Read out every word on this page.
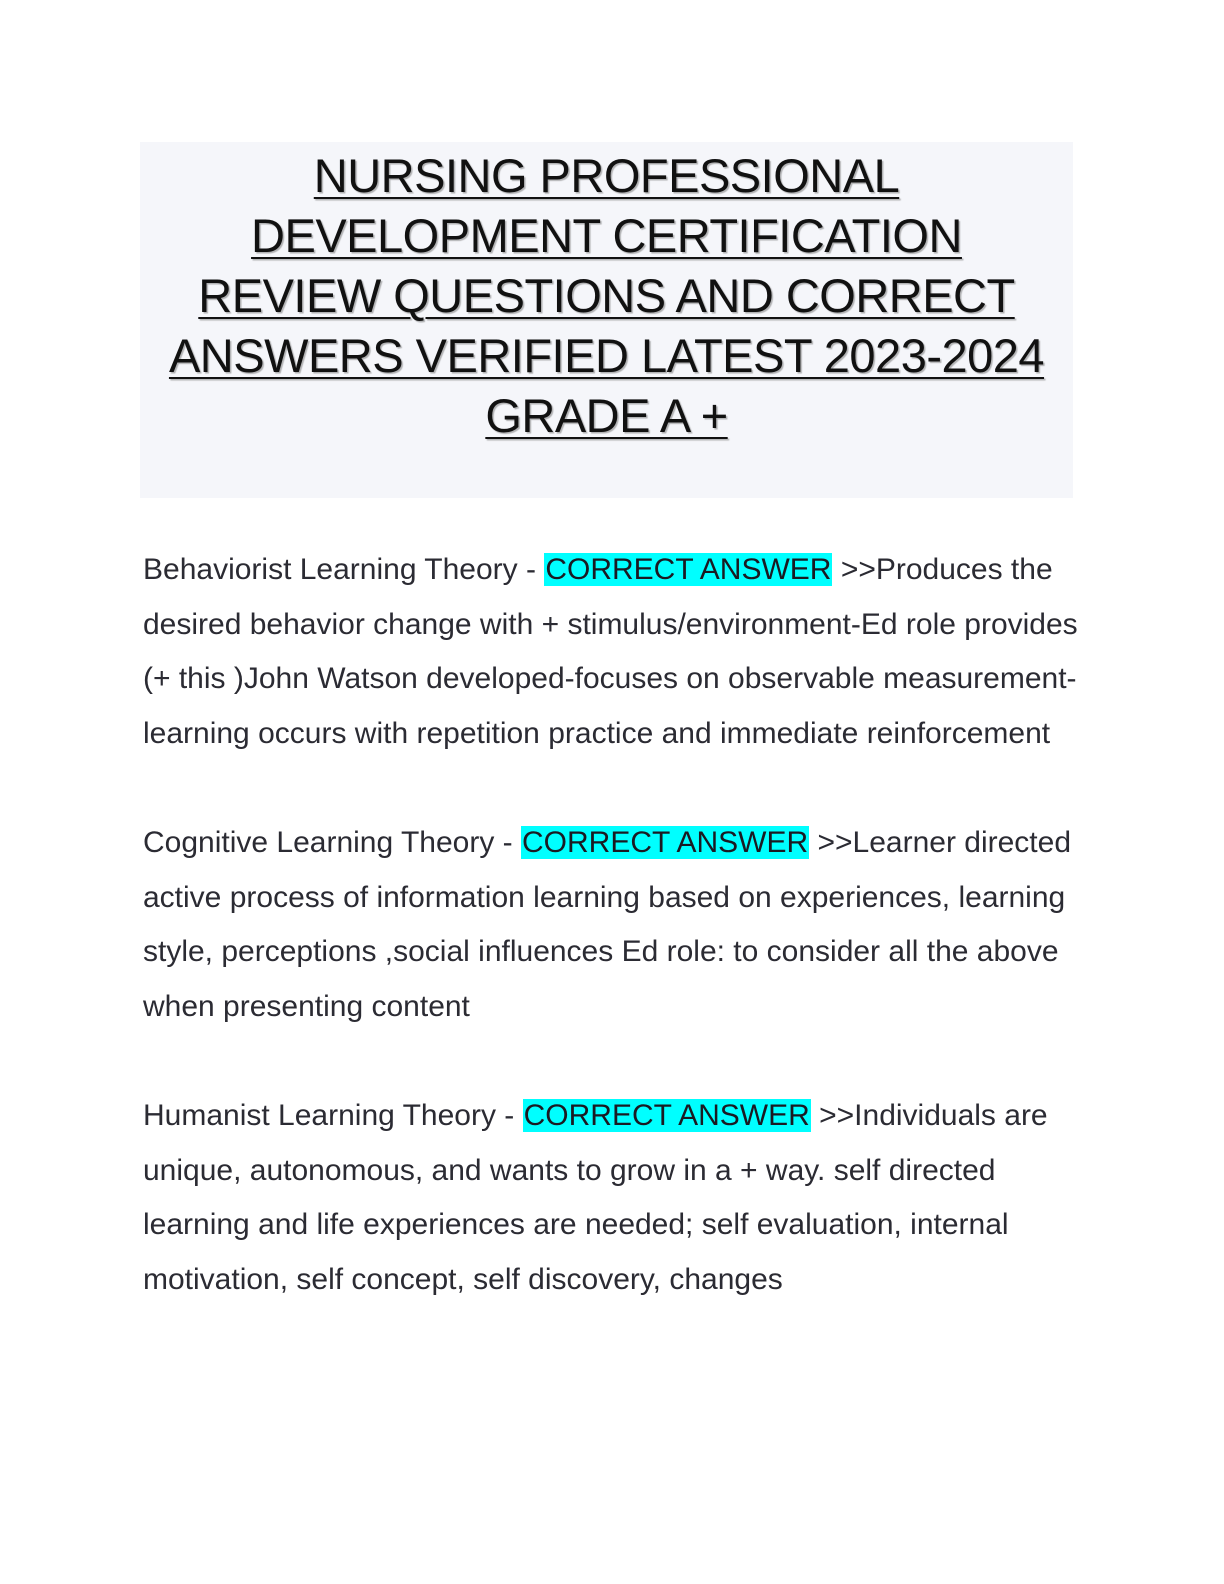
NURSING PROFESSIONAL
DEVELOPMENT CERTIFICATION
REVIEW QUESTIONS AND CORRECT
ANSWERS VERIFIED LATEST 2023-2024
GRADE A +

Behaviorist Learning Theory - CORRECT ANSWER >>Produces the desired behavior change with + stimulus/environment-Ed role provides (+ this )John Watson developed-focuses on observable measurement-learning occurs with repetition practice and immediate reinforcement

Cognitive Learning Theory - CORRECT ANSWER >>Learner directed active process of information learning based on experiences, learning style, perceptions ,social influences Ed role: to consider all the above when presenting content

Humanist Learning Theory - CORRECT ANSWER >>Individuals are unique, autonomous, and wants to grow in a + way. self directed learning and life experiences are needed; self evaluation, internal motivation, self concept, self discovery, changes
